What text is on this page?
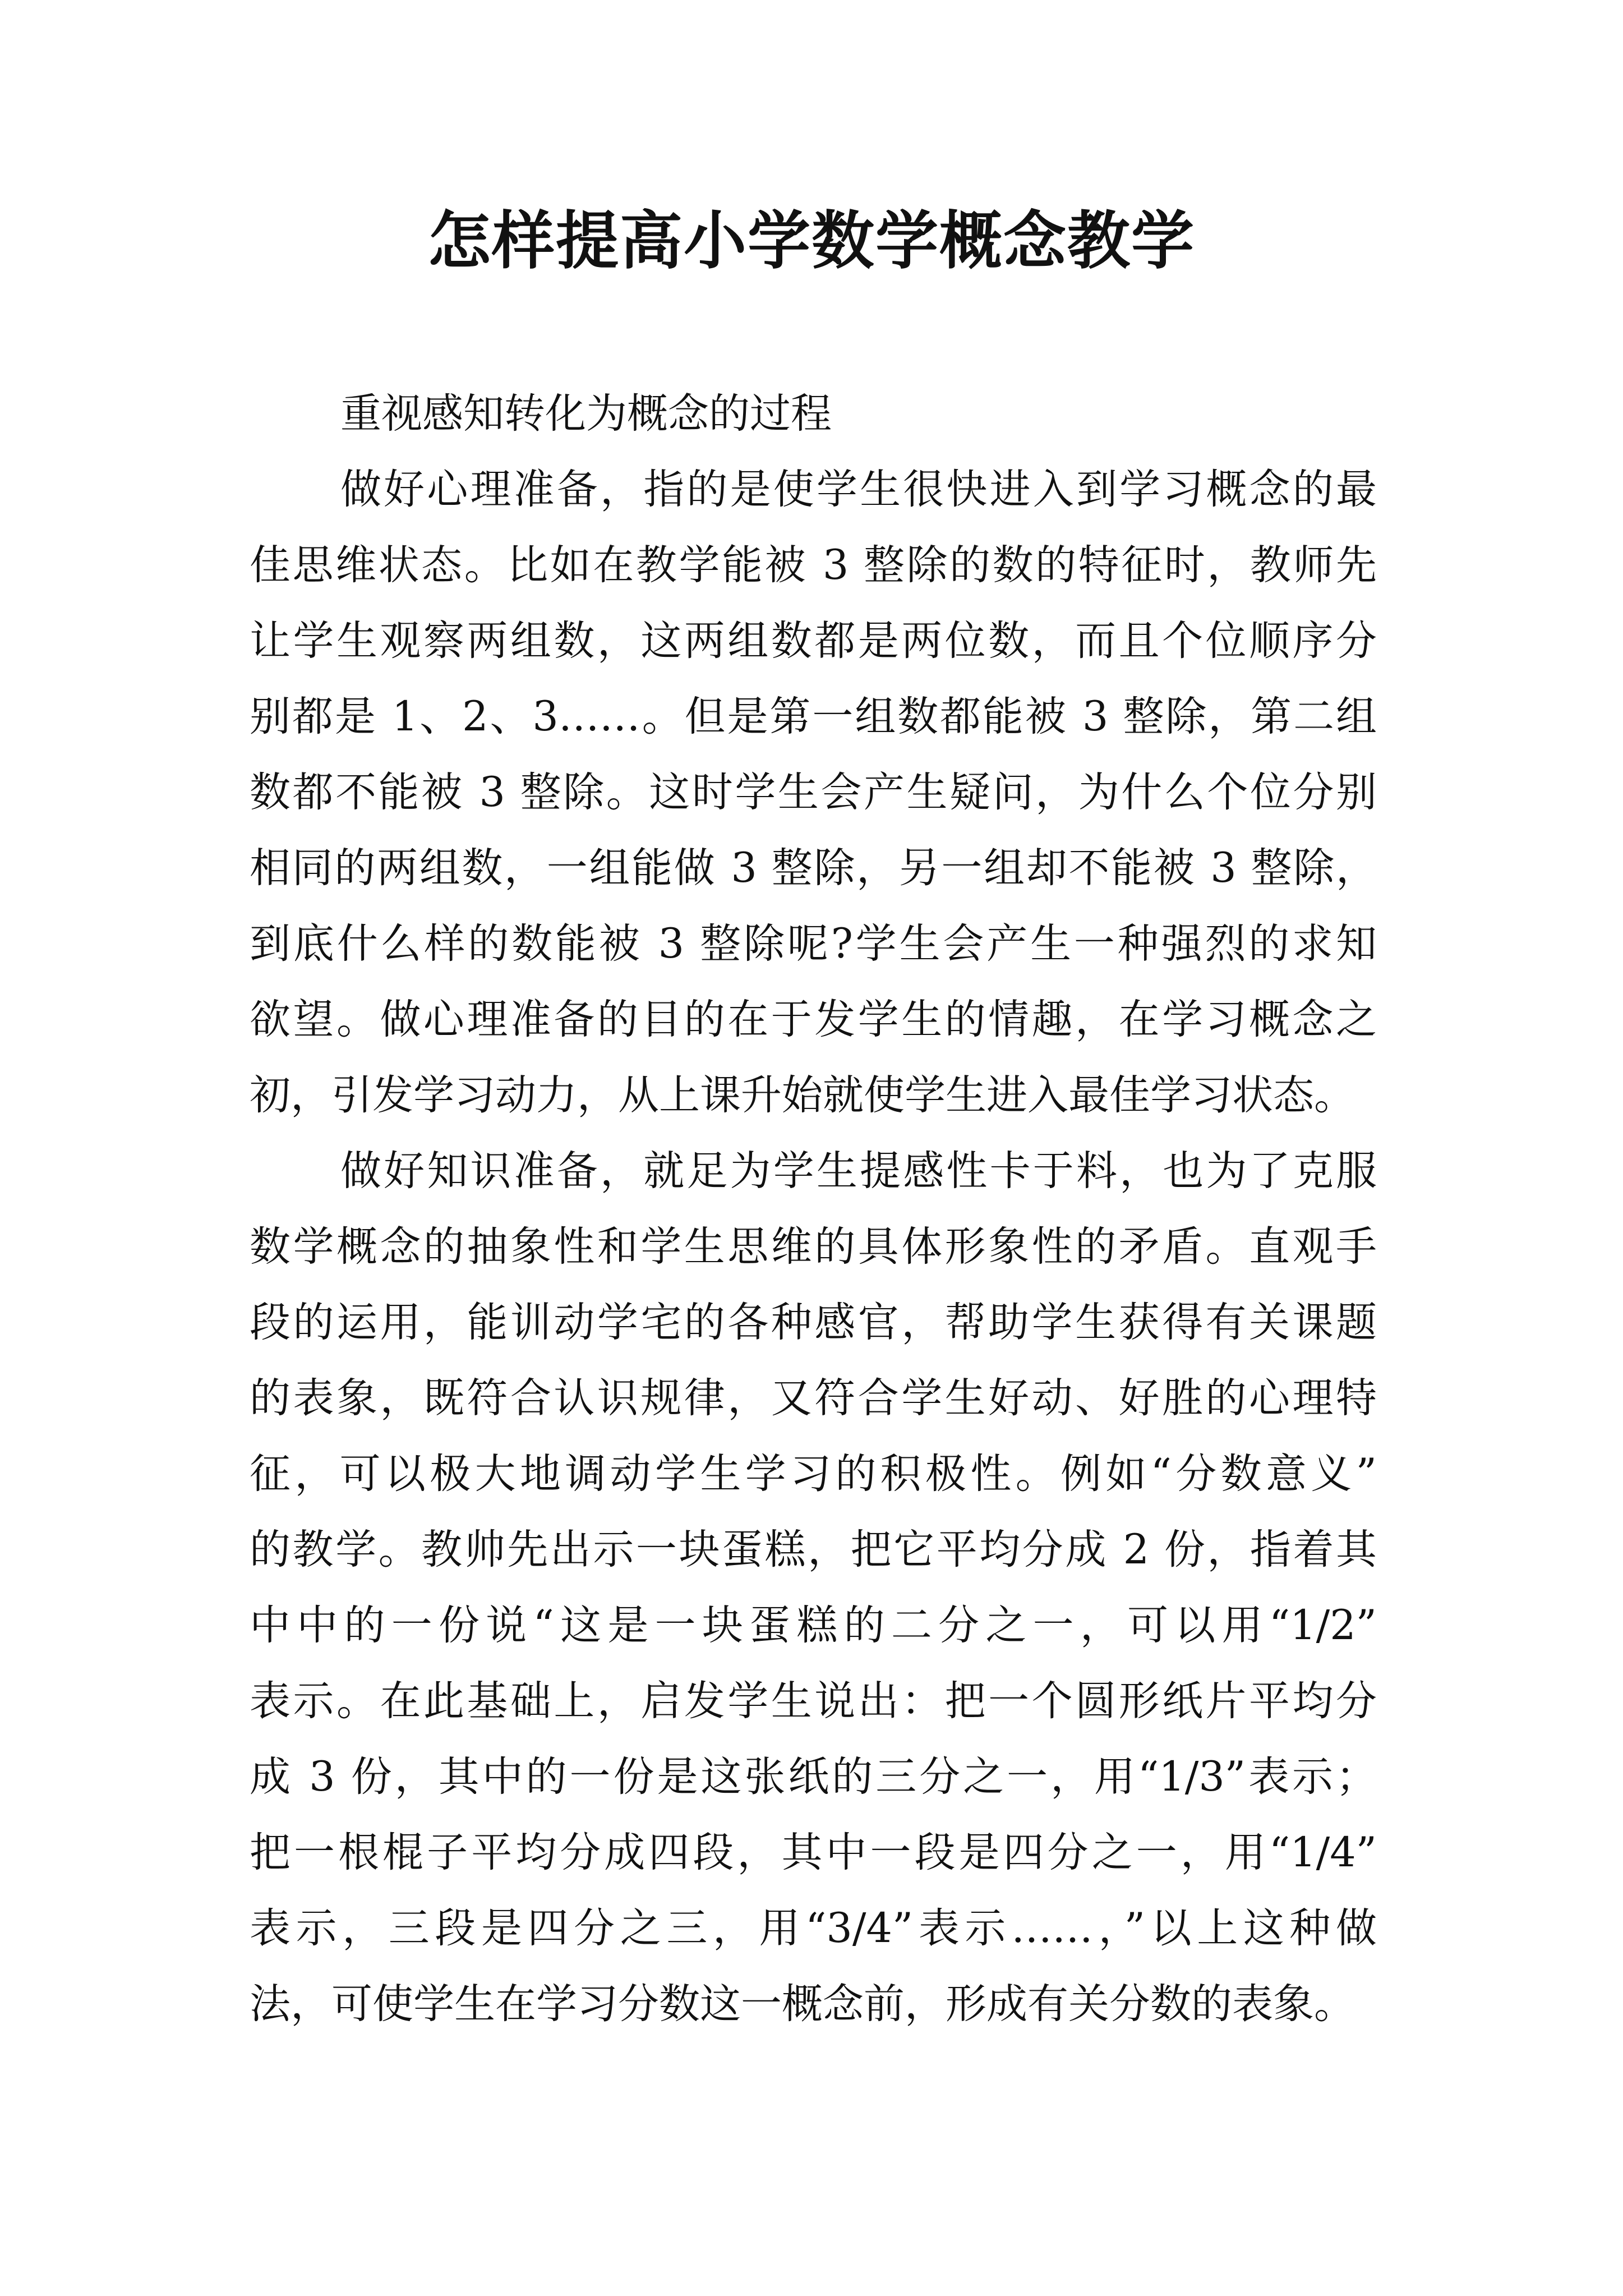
怎样提高小学数学概念教学
重视感知转化为概念的过程
做好心理准备，指的是使学生很快进入到学习概念的最
佳思维状态。比如在教学能被 3 整除的数的特征时，教师先
让学生观察两组数，这两组数都是两位数，而且个位顺序分
别都是 1、2、3……。但是第一组数都能被 3 整除，第二组
数都不能被 3 整除。这时学生会产生疑问，为什么个位分别
相同的两组数，一组能做 3 整除，另一组却不能被 3 整除，
到底什么样的数能被 3 整除呢?学生会产生一种强烈的求知
欲望。做心理准备的目的在于发学生的情趣，在学习概念之
初，引发学习动力，从上课升始就使学生进入最佳学习状态。
做好知识准备，就足为学生提感性卡于料，也为了克服
数学概念的抽象性和学生思维的具体形象性的矛盾。直观手
段的运用，能训动学宅的各种感官，帮助学生获得有关课题
的表象，既符合认识规律，又符合学生好动、好胜的心理特
征，可以极大地调动学生学习的积极性。例如“分数意义”
的教学。教帅先出示一块蛋糕，把它平均分成 2 份，指着其
中中的一份说“这是一块蛋糕的二分之一，可以用“1/2”
表示。在此基础上，启发学生说出：把一个圆形纸片平均分
成 3 份，其中的一份是这张纸的三分之一，用“1/3”表示；
把一根棍子平均分成四段，其中一段是四分之一，用“1/4”
表示，三段是四分之三，用“3/4”表示……，”以上这种做
法，可使学生在学习分数这一概念前，形成有关分数的表象。
